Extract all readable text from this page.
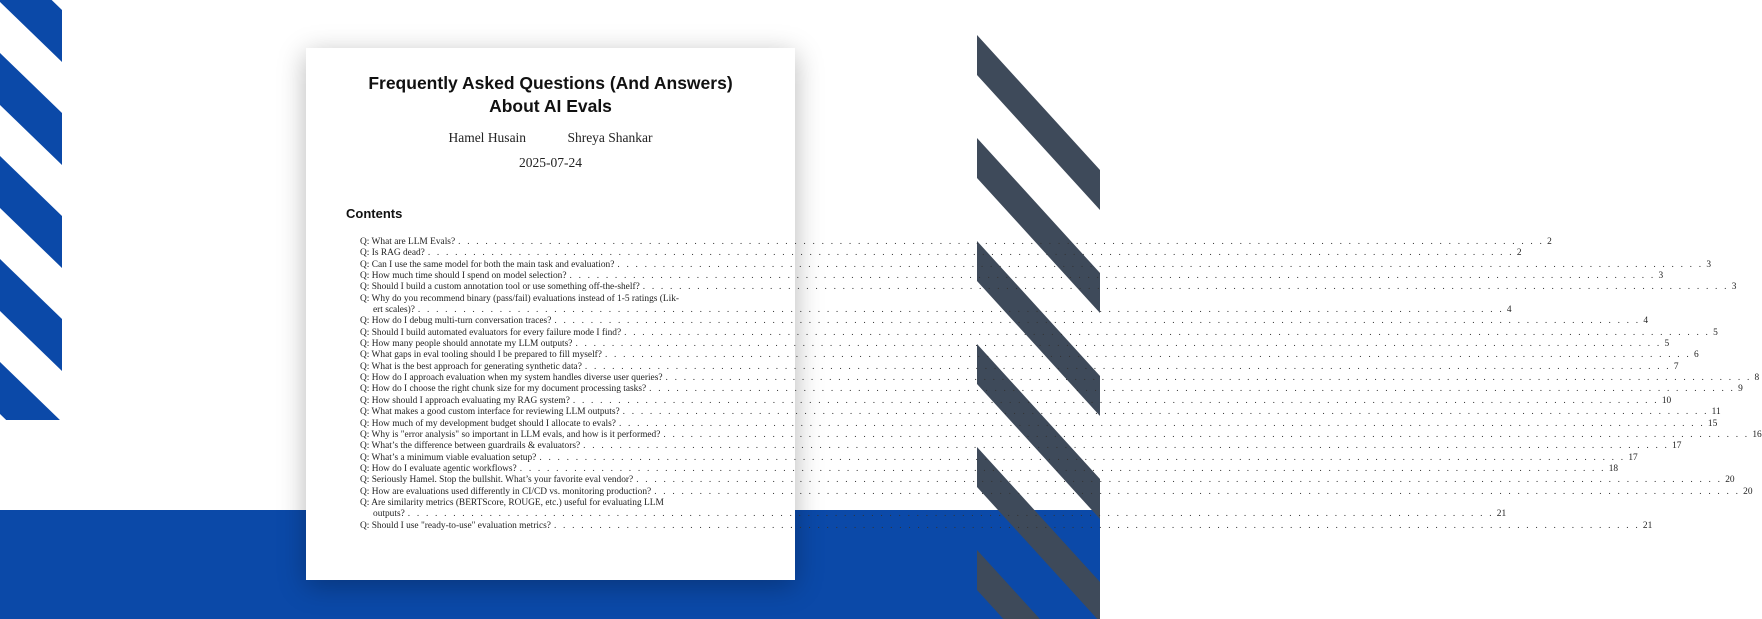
Frequently Asked Questions (And Answers)
About AI Evals
Hamel Husain	Shreya Shankar
2025-07-24
Contents
Q: What are LLM Evals? . . . . . . . . . . . . . . . . . . . . . . . . . . . . . . . . . . . . . . . . . . . . . . . . . . . . . . . . . . . . . . . . . . . . . . . . . . . . . . . . . . . . . . . . . . . . . . . . . . . . . . . . . . . . . . . . . . . . . . . . 2
Q: Is RAG dead? . . . . . . . . . . . . . . . . . . . . . . . . . . . . . . . . . . . . . . . . . . . . . . . . . . . . . . . . . . . . . . . . . . . . . . . . . . . . . . . . . . . . . . . . . . . . . . . . . . . . . . . . . . . . . . . . . . . . . . . . 2
Q: Can I use the same model for both the main task and evaluation? . . . . . . . . . . . . . . . . . . . . . . . . . . . . . . . . . . . . . . . . . . . . . . . . . . . . . . . . . . . . . . . . . . . . . . . . . . . . . . . . . . . . . . . . . . . . . . . . . . . . . . . . . . . . . . . . . . . . . . . . 3
Q: How much time should I spend on model selection? . . . . . . . . . . . . . . . . . . . . . . . . . . . . . . . . . . . . . . . . . . . . . . . . . . . . . . . . . . . . . . . . . . . . . . . . . . . . . . . . . . . . . . . . . . . . . . . . . . . . . . . . . . . . . . . . . . . . . . . . 3
Q: Should I build a custom annotation tool or use something off-the-shelf? . . . . . . . . . . . . . . . . . . . . . . . . . . . . . . . . . . . . . . . . . . . . . . . . . . . . . . . . . . . . . . . . . . . . . . . . . . . . . . . . . . . . . . . . . . . . . . . . . . . . . . . . . . . . . . . . . . . . . . . . 3
Q: Why do you recommend binary (pass/fail) evaluations instead of 1-5 ratings (Lik-
ert scales)? . . . . . . . . . . . . . . . . . . . . . . . . . . . . . . . . . . . . . . . . . . . . . . . . . . . . . . . . . . . . . . . . . . . . . . . . . . . . . . . . . . . . . . . . . . . . . . . . . . . . . . . . . . . . . . . . . . . . . . . . 4
Q: How do I debug multi-turn conversation traces? . . . . . . . . . . . . . . . . . . . . . . . . . . . . . . . . . . . . . . . . . . . . . . . . . . . . . . . . . . . . . . . . . . . . . . . . . . . . . . . . . . . . . . . . . . . . . . . . . . . . . . . . . . . . . . . . . . . . . . . . 4
Q: Should I build automated evaluators for every failure mode I find? . . . . . . . . . . . . . . . . . . . . . . . . . . . . . . . . . . . . . . . . . . . . . . . . . . . . . . . . . . . . . . . . . . . . . . . . . . . . . . . . . . . . . . . . . . . . . . . . . . . . . . . . . . . . . . . . . . . . . . . . 5
Q: How many people should annotate my LLM outputs? . . . . . . . . . . . . . . . . . . . . . . . . . . . . . . . . . . . . . . . . . . . . . . . . . . . . . . . . . . . . . . . . . . . . . . . . . . . . . . . . . . . . . . . . . . . . . . . . . . . . . . . . . . . . . . . . . . . . . . . . 5
Q: What gaps in eval tooling should I be prepared to fill myself? . . . . . . . . . . . . . . . . . . . . . . . . . . . . . . . . . . . . . . . . . . . . . . . . . . . . . . . . . . . . . . . . . . . . . . . . . . . . . . . . . . . . . . . . . . . . . . . . . . . . . . . . . . . . . . . . . . . . . . . . 6
Q: What is the best approach for generating synthetic data? . . . . . . . . . . . . . . . . . . . . . . . . . . . . . . . . . . . . . . . . . . . . . . . . . . . . . . . . . . . . . . . . . . . . . . . . . . . . . . . . . . . . . . . . . . . . . . . . . . . . . . . . . . . . . . . . . . . . . . . . 7
Q: How do I approach evaluation when my system handles diverse user queries? . . . . . . . . . . . . . . . . . . . . . . . . . . . . . . . . . . . . . . . . . . . . . . . . . . . . . . . . . . . . . . . . . . . . . . . . . . . . . . . . . . . . . . . . . . . . . . . . . . . . . . . . . . . . . . . . . . . . . . . . 8
Q: How do I choose the right chunk size for my document processing tasks? . . . . . . . . . . . . . . . . . . . . . . . . . . . . . . . . . . . . . . . . . . . . . . . . . . . . . . . . . . . . . . . . . . . . . . . . . . . . . . . . . . . . . . . . . . . . . . . . . . . . . . . . . . . . . . . . . . . . . . . . 9
Q: How should I approach evaluating my RAG system? . . . . . . . . . . . . . . . . . . . . . . . . . . . . . . . . . . . . . . . . . . . . . . . . . . . . . . . . . . . . . . . . . . . . . . . . . . . . . . . . . . . . . . . . . . . . . . . . . . . . . . . . . . . . . . . . . . . . . . . . 10
Q: What makes a good custom interface for reviewing LLM outputs? . . . . . . . . . . . . . . . . . . . . . . . . . . . . . . . . . . . . . . . . . . . . . . . . . . . . . . . . . . . . . . . . . . . . . . . . . . . . . . . . . . . . . . . . . . . . . . . . . . . . . . . . . . . . . . . . . . . . . . . . 11
Q: How much of my development budget should I allocate to evals? . . . . . . . . . . . . . . . . . . . . . . . . . . . . . . . . . . . . . . . . . . . . . . . . . . . . . . . . . . . . . . . . . . . . . . . . . . . . . . . . . . . . . . . . . . . . . . . . . . . . . . . . . . . . . . . . . . . . . . . . 15
Q: Why is "error analysis" so important in LLM evals, and how is it performed? . . . . . . . . . . . . . . . . . . . . . . . . . . . . . . . . . . . . . . . . . . . . . . . . . . . . . . . . . . . . . . . . . . . . . . . . . . . . . . . . . . . . . . . . . . . . . . . . . . . . . . . . . . . . . . . . . . . . . . . . 16
Q: What’s the difference between guardrails & evaluators? . . . . . . . . . . . . . . . . . . . . . . . . . . . . . . . . . . . . . . . . . . . . . . . . . . . . . . . . . . . . . . . . . . . . . . . . . . . . . . . . . . . . . . . . . . . . . . . . . . . . . . . . . . . . . . . . . . . . . . . . 17
Q: What’s a minimum viable evaluation setup? . . . . . . . . . . . . . . . . . . . . . . . . . . . . . . . . . . . . . . . . . . . . . . . . . . . . . . . . . . . . . . . . . . . . . . . . . . . . . . . . . . . . . . . . . . . . . . . . . . . . . . . . . . . . . . . . . . . . . . . . 17
Q: How do I evaluate agentic workflows? . . . . . . . . . . . . . . . . . . . . . . . . . . . . . . . . . . . . . . . . . . . . . . . . . . . . . . . . . . . . . . . . . . . . . . . . . . . . . . . . . . . . . . . . . . . . . . . . . . . . . . . . . . . . . . . . . . . . . . . . 18
Q: Seriously Hamel. Stop the bullshit. What’s your favorite eval vendor? . . . . . . . . . . . . . . . . . . . . . . . . . . . . . . . . . . . . . . . . . . . . . . . . . . . . . . . . . . . . . . . . . . . . . . . . . . . . . . . . . . . . . . . . . . . . . . . . . . . . . . . . . . . . . . . . . . . . . . . . 20
Q: How are evaluations used differently in CI/CD vs. monitoring production? . . . . . . . . . . . . . . . . . . . . . . . . . . . . . . . . . . . . . . . . . . . . . . . . . . . . . . . . . . . . . . . . . . . . . . . . . . . . . . . . . . . . . . . . . . . . . . . . . . . . . . . . . . . . . . . . . . . . . . . . 20
Q: Are similarity metrics (BERTScore, ROUGE, etc.) useful for evaluating LLM
outputs? . . . . . . . . . . . . . . . . . . . . . . . . . . . . . . . . . . . . . . . . . . . . . . . . . . . . . . . . . . . . . . . . . . . . . . . . . . . . . . . . . . . . . . . . . . . . . . . . . . . . . . . . . . . . . . . . . . . . . . . . 21
Q: Should I use "ready-to-use" evaluation metrics? . . . . . . . . . . . . . . . . . . . . . . . . . . . . . . . . . . . . . . . . . . . . . . . . . . . . . . . . . . . . . . . . . . . . . . . . . . . . . . . . . . . . . . . . . . . . . . . . . . . . . . . . . . . . . . . . . . . . . . . . 21
